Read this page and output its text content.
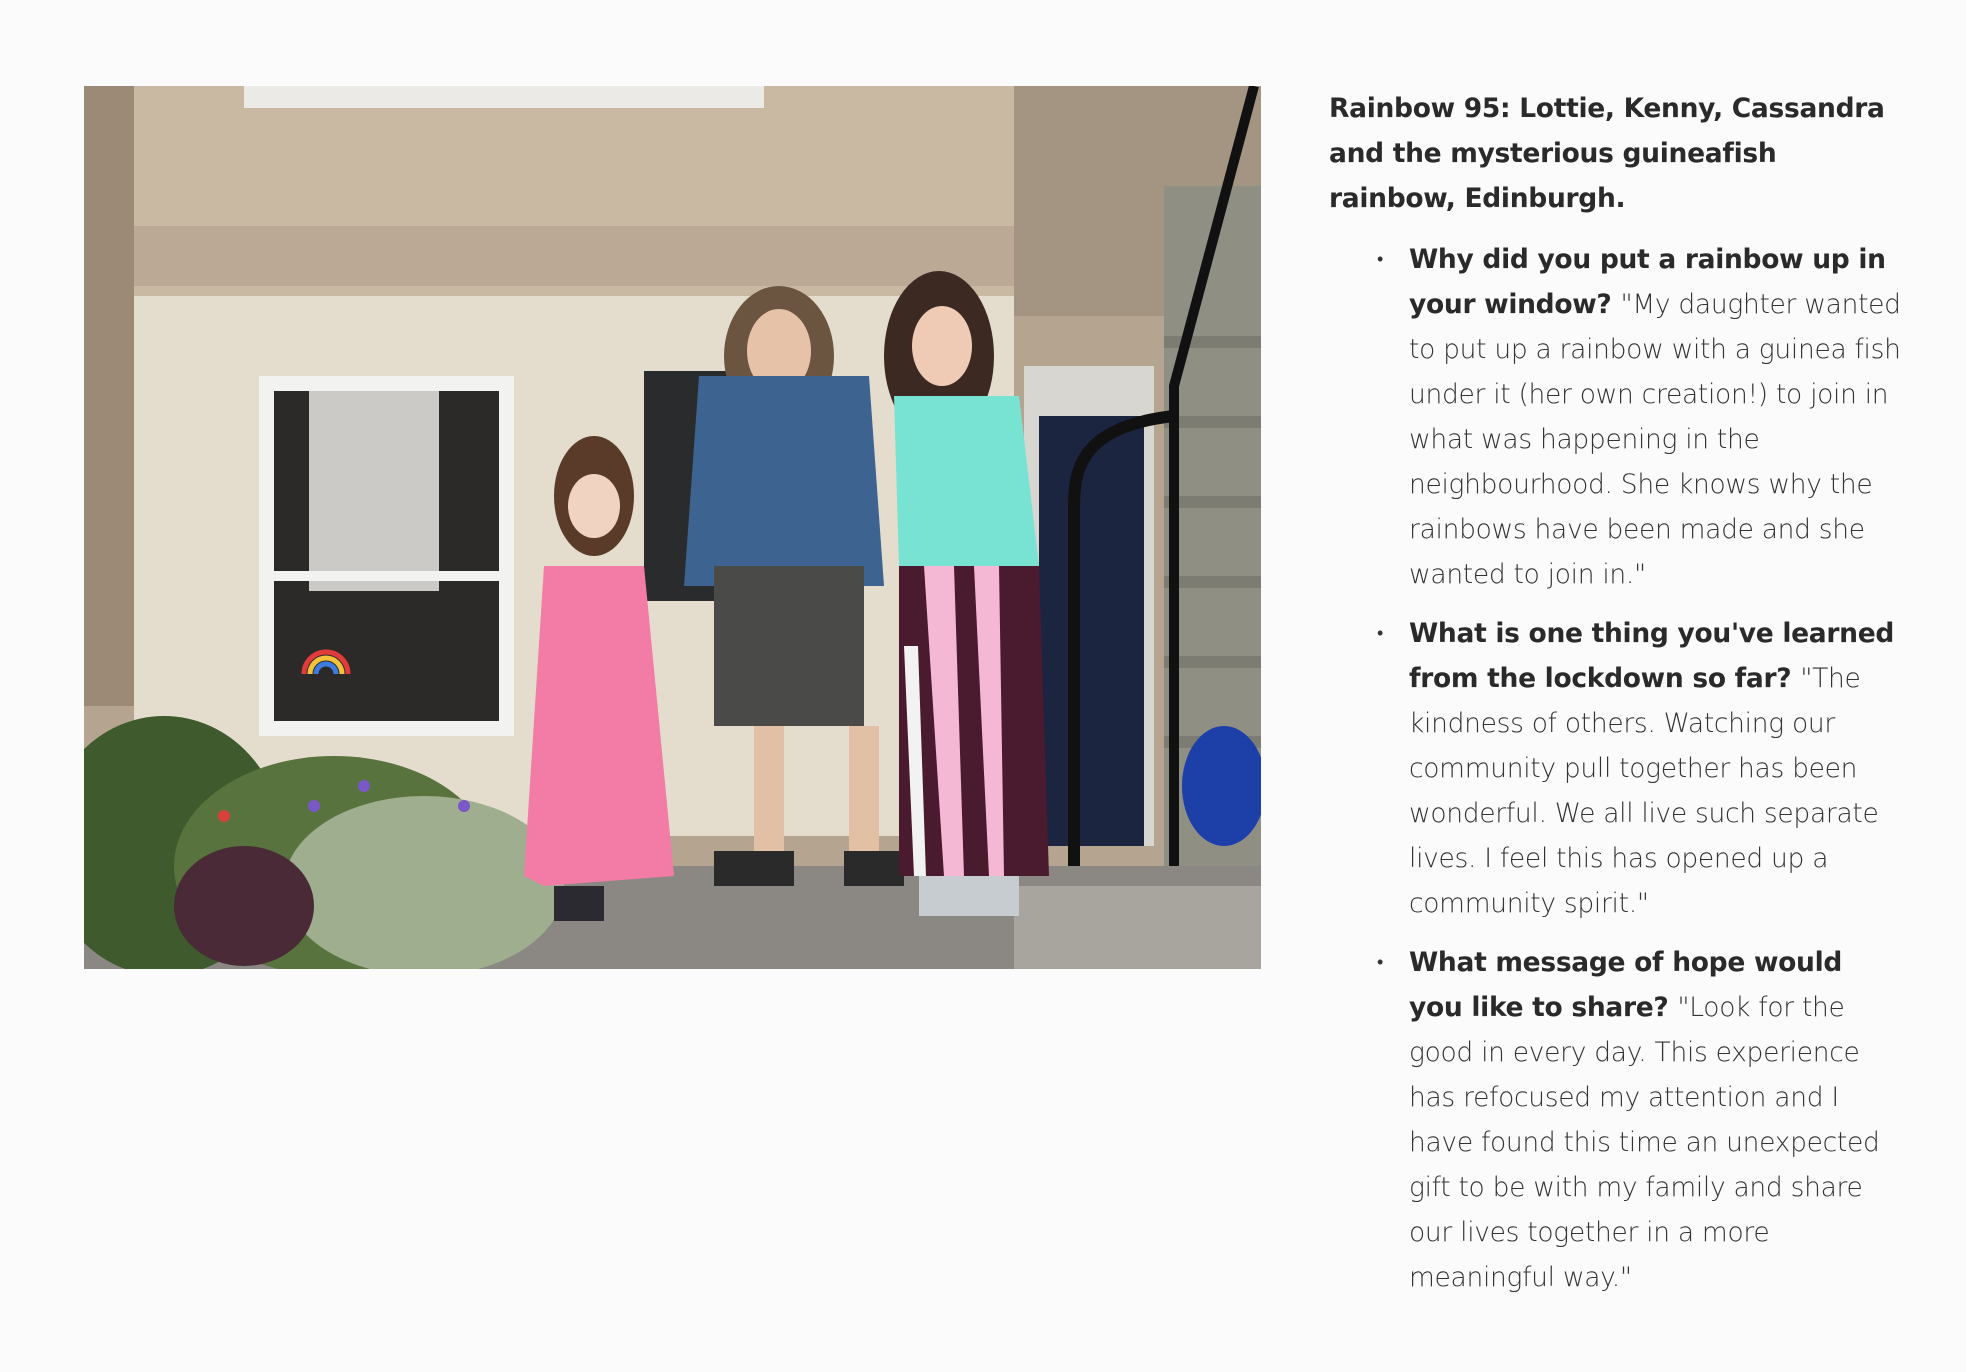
Rainbow 95: Lottie, Kenny, Cassandra and the mysterious guineafish rainbow, Edinburgh.

• Why did you put a rainbow up in your window? "My daughter wanted to put up a rainbow with a guinea fish under it (her own creation!) to join in what was happening in the neighbourhood. She knows why the rainbows have been made and she wanted to join in."
• What is one thing you've learned from the lockdown so far? "The kindness of others. Watching our community pull together has been wonderful. We all live such separate lives. I feel this has opened up a community spirit."
• What message of hope would you like to share? "Look for the good in every day. This experience has refocused my attention and I have found this time an unexpected gift to be with my family and share our lives together in a more meaningful way."
